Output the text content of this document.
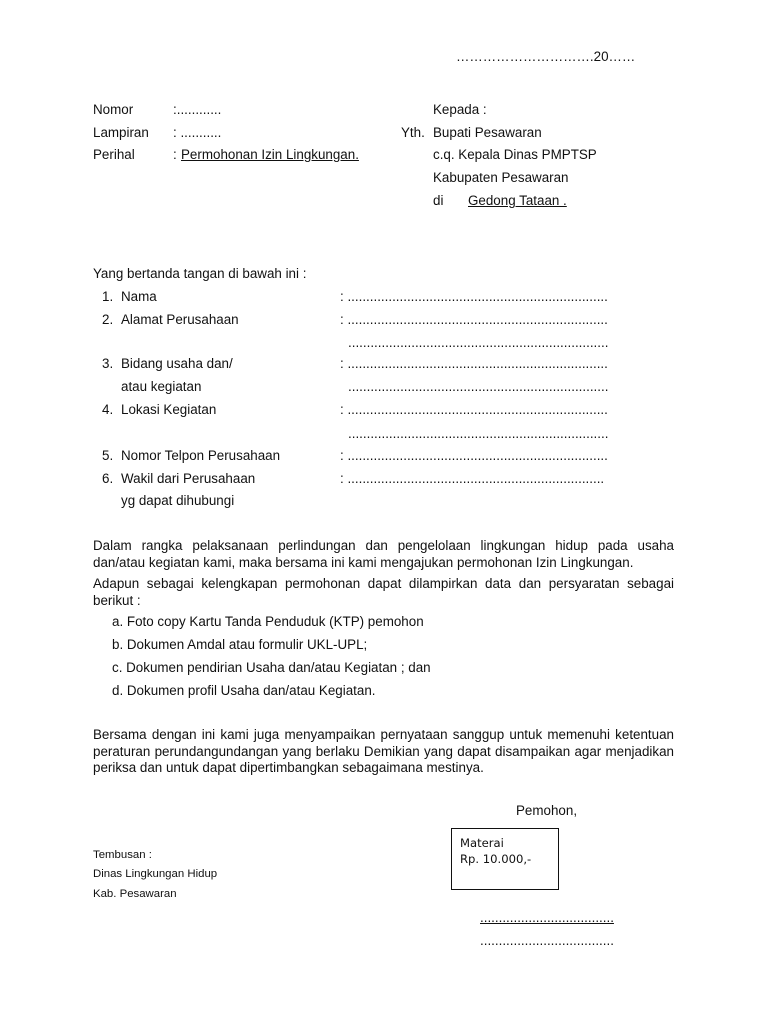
………………………….20……
Nomor	:............
Lampiran : ...........
Perihal	: Permohonan Izin Lingkungan.
Kepada :
Yth. Bupati Pesawaran
c.q. Kepala Dinas PMPTSP
Kabupaten Pesawaran
di Gedong Tataan .
Yang bertanda tangan di bawah ini :
1. Nama	: ......................................................................
2. Alamat Perusahaan	: ......................................................................
......................................................................
3. Bidang usaha dan/
atau kegiatan
: ......................................................................
......................................................................
4. Lokasi Kegiatan	: ......................................................................
......................................................................
5. Nomor Telpon Perusahaan	: ......................................................................
6. Wakil dari Perusahaan
yg dapat dihubungi
: .....................................................................
Dalam rangka pelaksanaan perlindungan dan pengelolaan lingkungan hidup pada usaha dan/atau kegiatan kami, maka bersama ini kami mengajukan permohonan Izin Lingkungan.
Adapun sebagai kelengkapan permohonan dapat dilampirkan data dan persyaratan sebagai berikut :
a. Foto copy Kartu Tanda Penduduk (KTP) pemohon
b. Dokumen Amdal atau formulir UKL-UPL;
c. Dokumen pendirian Usaha dan/atau Kegiatan ; dan
d. Dokumen profil Usaha dan/atau Kegiatan.
Bersama dengan ini kami juga menyampaikan pernyataan sanggup untuk memenuhi ketentuan peraturan perundangundangan yang berlaku Demikian yang dapat disampaikan agar menjadikan periksa dan untuk dapat dipertimbangkan sebagaimana mestinya.
Pemohon,
Materai
Rp. 10.000,-
....................................
....................................
Tembusan :
Dinas Lingkungan Hidup
Kab. Pesawaran
